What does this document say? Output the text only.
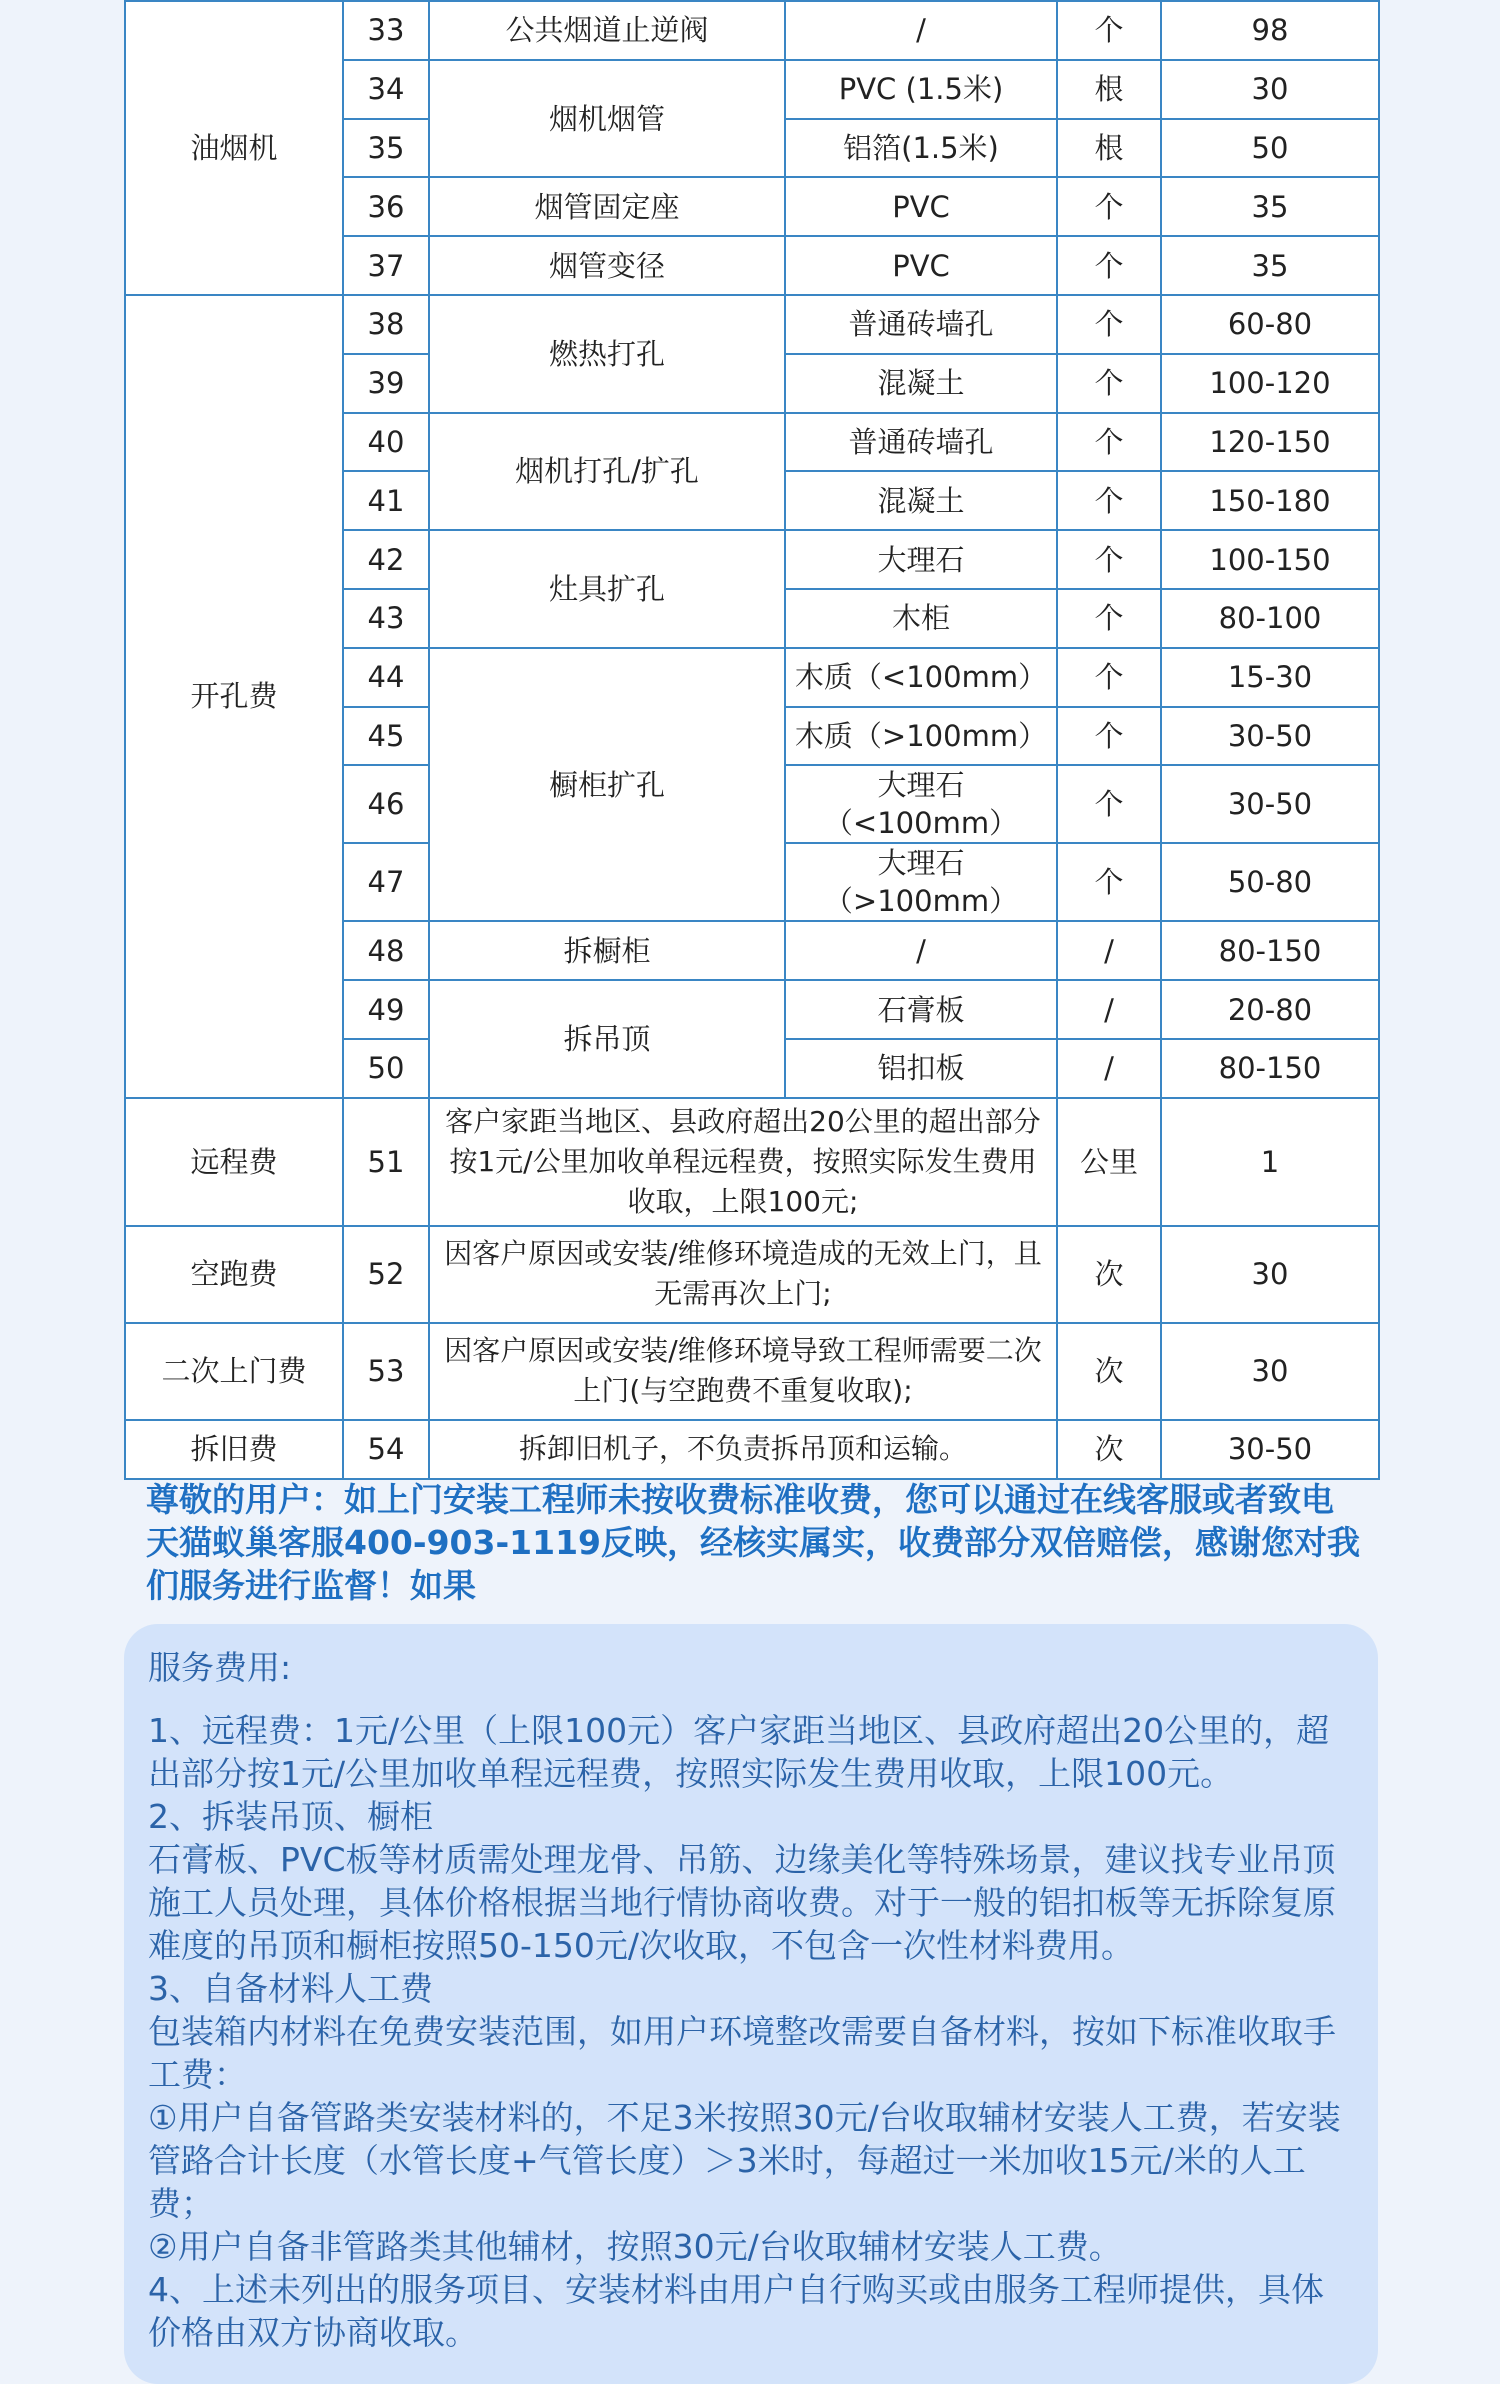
油烟机	33	公共烟道止逆阀	/	个	98
	34	烟机烟管	PVC (1.5米)	根	30
	35		铝箔(1.5米)	根	50
	36	烟管固定座	PVC	个	35
	37	烟管变径	PVC	个	35
开孔费	38	燃热打孔	普通砖墙孔	个	60-80
	39		混凝土	个	100-120
	40	烟机打孔/扩孔	普通砖墙孔	个	120-150
	41		混凝土	个	150-180
	42	灶具扩孔	大理石	个	100-150
	43		木柜	个	80-100
	44	橱柜扩孔	木质（<100mm）	个	15-30
	45		木质（>100mm）	个	30-50
	46		大理石（<100mm）	个	30-50
	47		大理石（>100mm）	个	50-80
	48	拆橱柜	/	/	80-150
	49	拆吊顶	石膏板	/	20-80
	50		铝扣板	/	80-150
远程费	51	客户家距当地区、县政府超出20公里的超出部分按1元/公里加收单程远程费，按照实际发生费用收取，上限100元;		公里	1
空跑费	52	因客户原因或安装/维修环境造成的无效上门，且无需再次上门;		次	30
二次上门费	53	因客户原因或安装/维修环境导致工程师需要二次上门(与空跑费不重复收取);		次	30
拆旧费	54	拆卸旧机子，不负责拆吊顶和运输。		次	30-50
尊敬的用户：如上门安装工程师未按收费标准收费，您可以通过在线客服或者致电天猫蚁巢客服400-903-1119反映，经核实属实，收费部分双倍赔偿，感谢您对我们服务进行监督！如果
服务费用:

1、远程费：1元/公里（上限100元）客户家距当地区、县政府超出20公里的，超出部分按1元/公里加收单程远程费，按照实际发生费用收取，上限100元。

2、拆装吊顶、橱柜

石膏板、PVC板等材质需处理龙骨、吊筋、边缘美化等特殊场景，建议找专业吊顶施工人员处理，具体价格根据当地行情协商收费。对于一般的铝扣板等无拆除复原难度的吊顶和橱柜按照50-150元/次收取，不包含一次性材料费用。

3、自备材料人工费

包装箱内材料在免费安装范围，如用户环境整改需要自备材料，按如下标准收取手工费：

①用户自备管路类安装材料的，不足3米按照30元/台收取辅材安装人工费，若安装管路合计长度（水管长度+气管长度）＞3米时，每超过一米加收15元/米的人工费；

②用户自备非管路类其他辅材，按照30元/台收取辅材安装人工费。

4、上述未列出的服务项目、安装材料由用户自行购买或由服务工程师提供，具体价格由双方协商收取。
